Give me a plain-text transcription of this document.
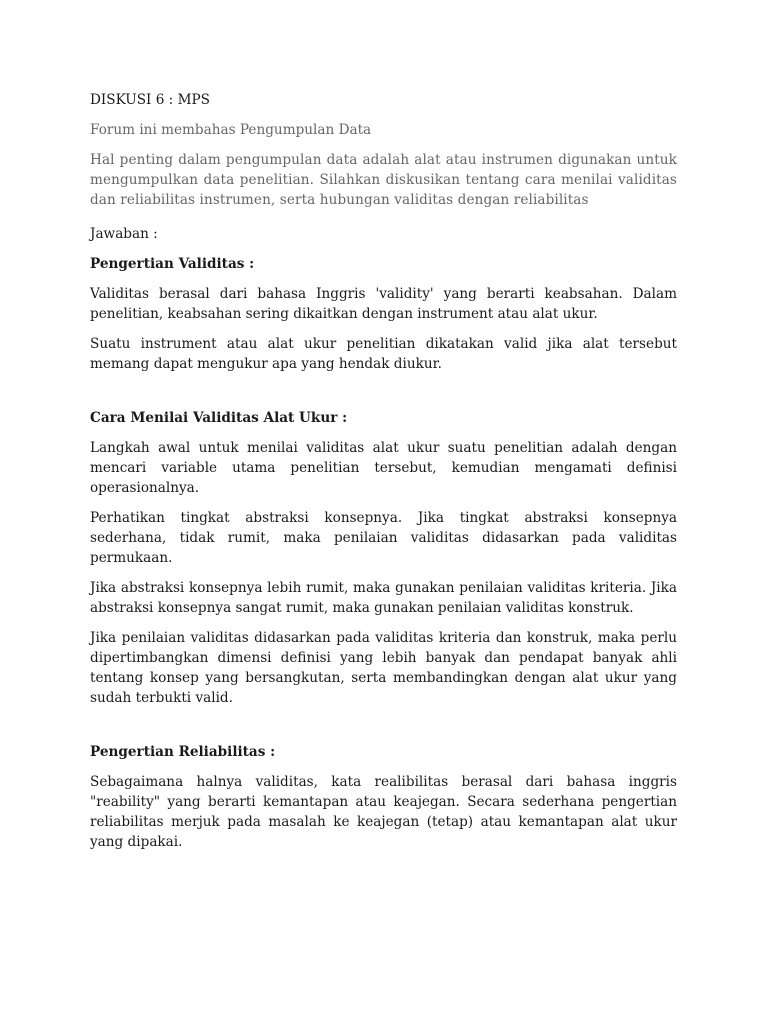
DISKUSI 6 : MPS

Forum ini membahas Pengumpulan Data

Hal penting dalam pengumpulan data adalah alat atau instrumen digunakan untuk mengumpulkan data penelitian. Silahkan diskusikan tentang cara menilai validitas dan reliabilitas instrumen, serta hubungan validitas dengan reliabilitas

Jawaban :

Pengertian Validitas :

Validitas berasal dari bahasa Inggris 'validity' yang berarti keabsahan. Dalam penelitian, keabsahan sering dikaitkan dengan instrument atau alat ukur.

Suatu instrument atau alat ukur penelitian dikatakan valid jika alat tersebut memang dapat mengukur apa yang hendak diukur.

Cara Menilai Validitas Alat Ukur :

Langkah awal untuk menilai validitas alat ukur suatu penelitian adalah dengan mencari variable utama penelitian tersebut, kemudian mengamati definisi operasionalnya.

Perhatikan tingkat abstraksi konsepnya. Jika tingkat abstraksi konsepnya sederhana, tidak rumit, maka penilaian validitas didasarkan pada validitas permukaan.

Jika abstraksi konsepnya lebih rumit, maka gunakan penilaian validitas kriteria. Jika abstraksi konsepnya sangat rumit, maka gunakan penilaian validitas konstruk.

Jika penilaian validitas didasarkan pada validitas kriteria dan konstruk, maka perlu dipertimbangkan dimensi definisi yang lebih banyak dan pendapat banyak ahli tentang konsep yang bersangkutan, serta membandingkan dengan alat ukur yang sudah terbukti valid.

Pengertian Reliabilitas :

Sebagaimana halnya validitas, kata realibilitas berasal dari bahasa inggris "reability" yang berarti kemantapan atau keajegan. Secara sederhana pengertian reliabilitas merjuk pada masalah ke keajegan (tetap) atau kemantapan alat ukur yang dipakai.
